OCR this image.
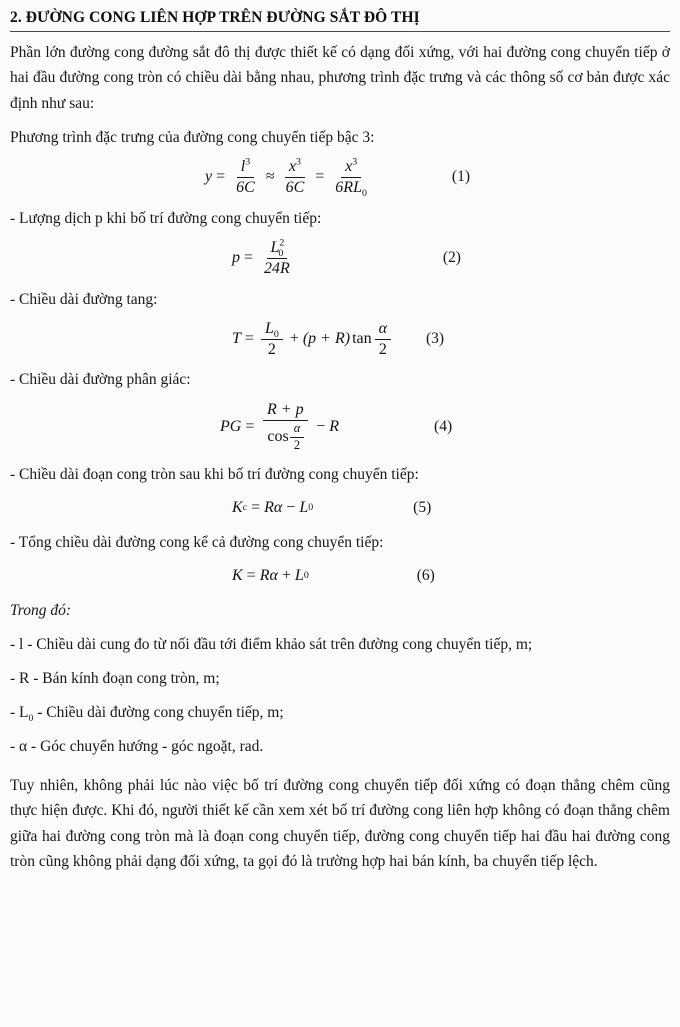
2. ĐƯỜNG CONG LIÊN HỢP TRÊN ĐƯỜNG SẮT ĐÔ THỊ

Phần lớn đường cong đường sắt đô thị được thiết kế có dạng đối xứng, với hai đường cong chuyển tiếp ở hai đầu đường cong tròn có chiều dài bằng nhau, phương trình đặc trưng và các thông số cơ bản được xác định như sau:

Phương trình đặc trưng của đường cong chuyển tiếp bậc 3:

$y = \frac{l^3}{6C} \approx \frac{x^3}{6C} = \frac{x^3}{6RL_0}$	(1)

- Lượng dịch p khi bố trí đường cong chuyển tiếp:

$p = \frac{L^2_0}{24R}$	(2)

- Chiều dài đường tang:

$T = \frac{L_0}{2} + (p + R)$ $\tan \frac{\alpha}{2} (3)$

- Chiều dài đường phân giác:

PG = $\frac{R + p}{\cos \frac{\alpha}{2}} - R$	(4)

- Chiều dài đoạn cong tròn sau khi bố trí đường cong chuyển tiếp:

K c = Rα − L 0	(5)

- Tổng chiều dài đường cong kể cả đường cong chuyển tiếp:

K = Rα + L 0	(6)

Trong đó:

- l - Chiều dài cung đo từ nối đầu tới điểm khảo sát trên đường cong chuyển tiếp, m;

- R - Bán kính đoạn cong tròn, m;

- $L_0$ - Chiều dài đường cong chuyển tiếp, m;

- α - Góc chuyển hướng - góc ngoặt, rad.

Tuy nhiên, không phải lúc nào việc bố trí đường cong chuyển tiếp đối xứng có đoạn thẳng chêm cũng thực hiện được. Khi đó, người thiết kế cần xem xét bố trí đường cong liên hợp không có đoạn thẳng chêm giữa hai đường cong tròn mà là đoạn cong chuyển tiếp, đường cong chuyển tiếp hai đầu hai đường cong tròn cũng không phải dạng đối xứng, ta gọi đó là trường hợp hai bán kính, ba chuyển tiếp lệch.
